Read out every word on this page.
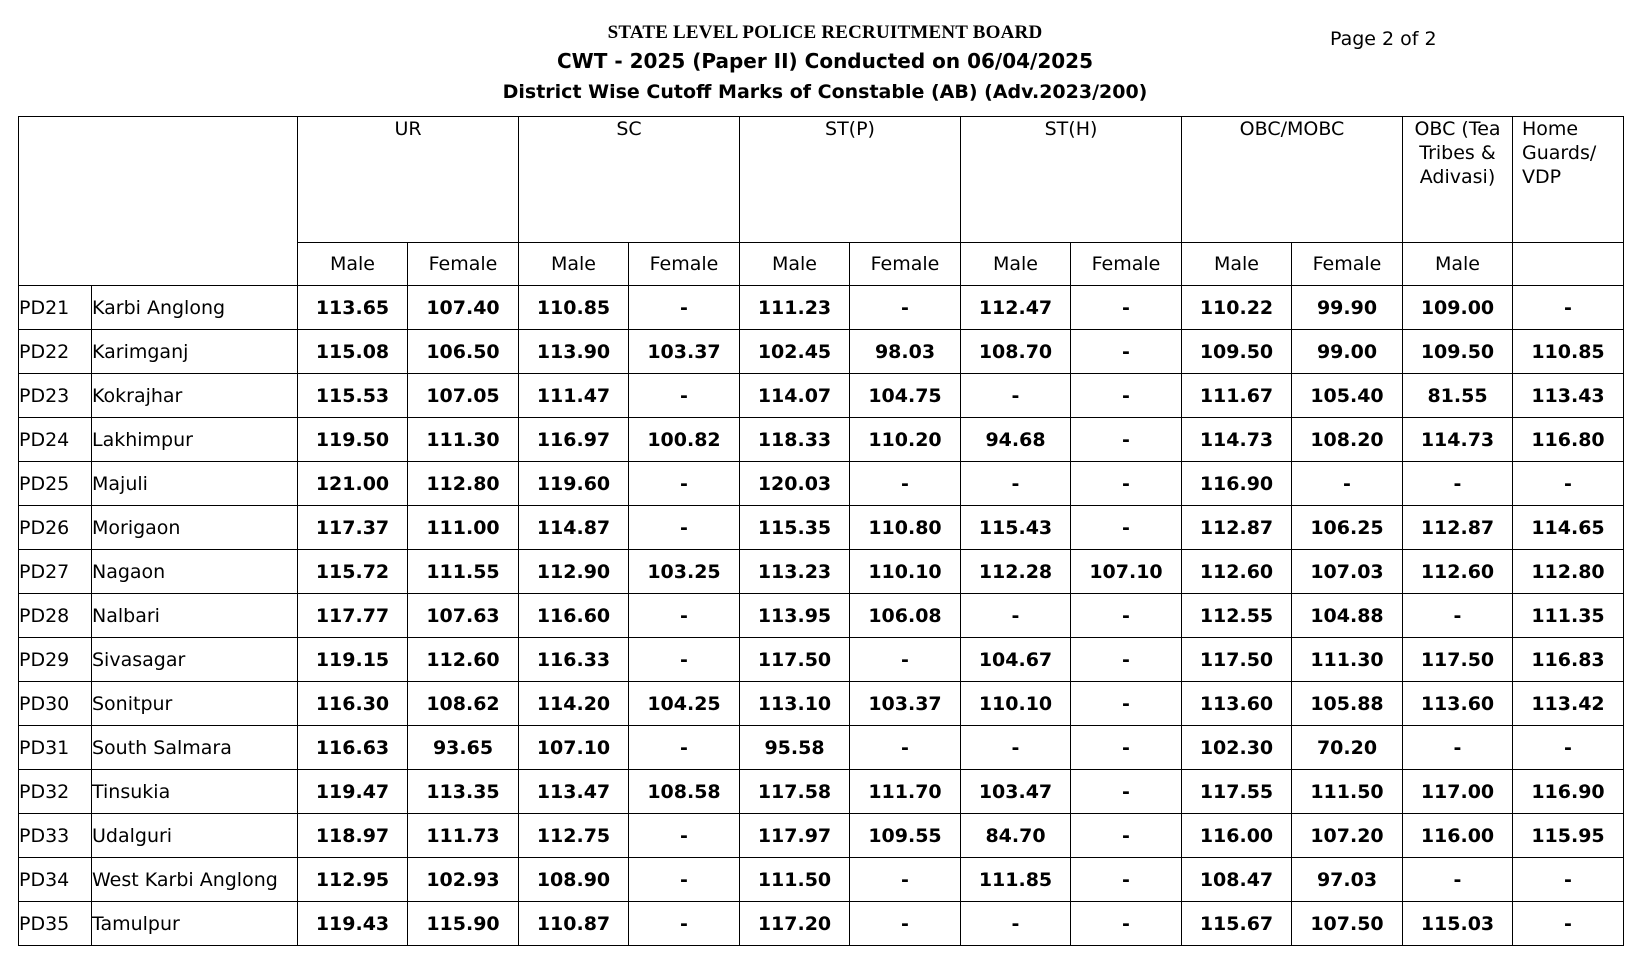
STATE LEVEL POLICE RECRUITMENT BOARD
CWT - 2025 (Paper II) Conducted on 06/04/2025
District Wise Cutoff Marks of Constable (AB) (Adv.2023/200)
Page 2 of 2
		UR		SC		ST(P)		ST(H)		OBC/MOBC		OBC (Tea Tribes & Adivasi)	Home Guards/ VDP
		Male	Female	Male	Female	Male	Female	Male	Female	Male	Female	Male	
PD21	Karbi Anglong	113.65	107.40	110.85	-	111.23	-	112.47	-	110.22	99.90	109.00	-
PD22	Karimganj	115.08	106.50	113.90	103.37	102.45	98.03	108.70	-	109.50	99.00	109.50	110.85
PD23	Kokrajhar	115.53	107.05	111.47	-	114.07	104.75	-	-	111.67	105.40	81.55	113.43
PD24	Lakhimpur	119.50	111.30	116.97	100.82	118.33	110.20	94.68	-	114.73	108.20	114.73	116.80
PD25	Majuli	121.00	112.80	119.60	-	120.03	-	-	-	116.90	-	-	-
PD26	Morigaon	117.37	111.00	114.87	-	115.35	110.80	115.43	-	112.87	106.25	112.87	114.65
PD27	Nagaon	115.72	111.55	112.90	103.25	113.23	110.10	112.28	107.10	112.60	107.03	112.60	112.80
PD28	Nalbari	117.77	107.63	116.60	-	113.95	106.08	-	-	112.55	104.88	-	111.35
PD29	Sivasagar	119.15	112.60	116.33	-	117.50	-	104.67	-	117.50	111.30	117.50	116.83
PD30	Sonitpur	116.30	108.62	114.20	104.25	113.10	103.37	110.10	-	113.60	105.88	113.60	113.42
PD31	South Salmara	116.63	93.65	107.10	-	95.58	-	-	-	102.30	70.20	-	-
PD32	Tinsukia	119.47	113.35	113.47	108.58	117.58	111.70	103.47	-	117.55	111.50	117.00	116.90
PD33	Udalguri	118.97	111.73	112.75	-	117.97	109.55	84.70	-	116.00	107.20	116.00	115.95
PD34	West Karbi Anglong	112.95	102.93	108.90	-	111.50	-	111.85	-	108.47	97.03	-	-
PD35	Tamulpur	119.43	115.90	110.87	-	117.20	-	-	-	115.67	107.50	115.03	-
